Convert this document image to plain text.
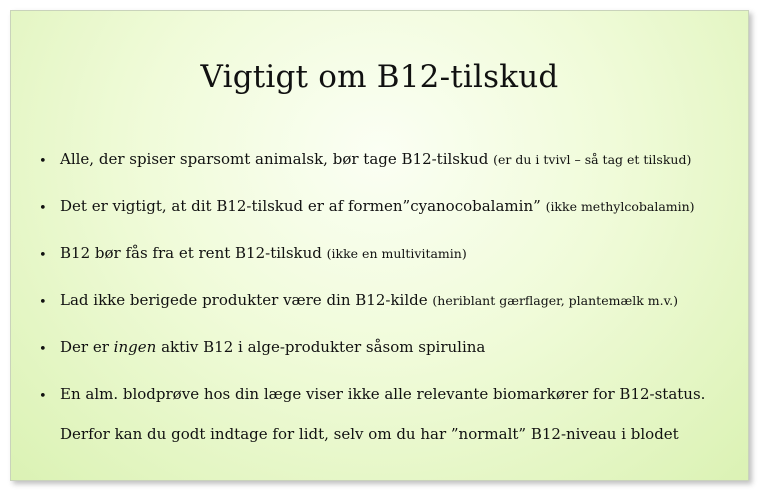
Vigtigt om B12-tilskud
• Alle, der spiser sparsomt animalsk, bør tage B12-tilskud (er du i tvivl – så tag et tilskud)
• Det er vigtigt, at dit B12-tilskud er af formen”cyanocobalamin” (ikke methylcobalamin)
• B12 bør fås fra et rent B12-tilskud (ikke en multivitamin)
• Lad ikke berigede produkter være din B12-kilde (heriblant gærflager, plantemælk m.v.)
• Der er ingen aktiv B12 i alge-produkter såsom spirulina
• En alm. blodprøve hos din læge viser ikke alle relevante biomarkører for B12-status.
Derfor kan du godt indtage for lidt, selv om du har ”normalt” B12-niveau i blodet
